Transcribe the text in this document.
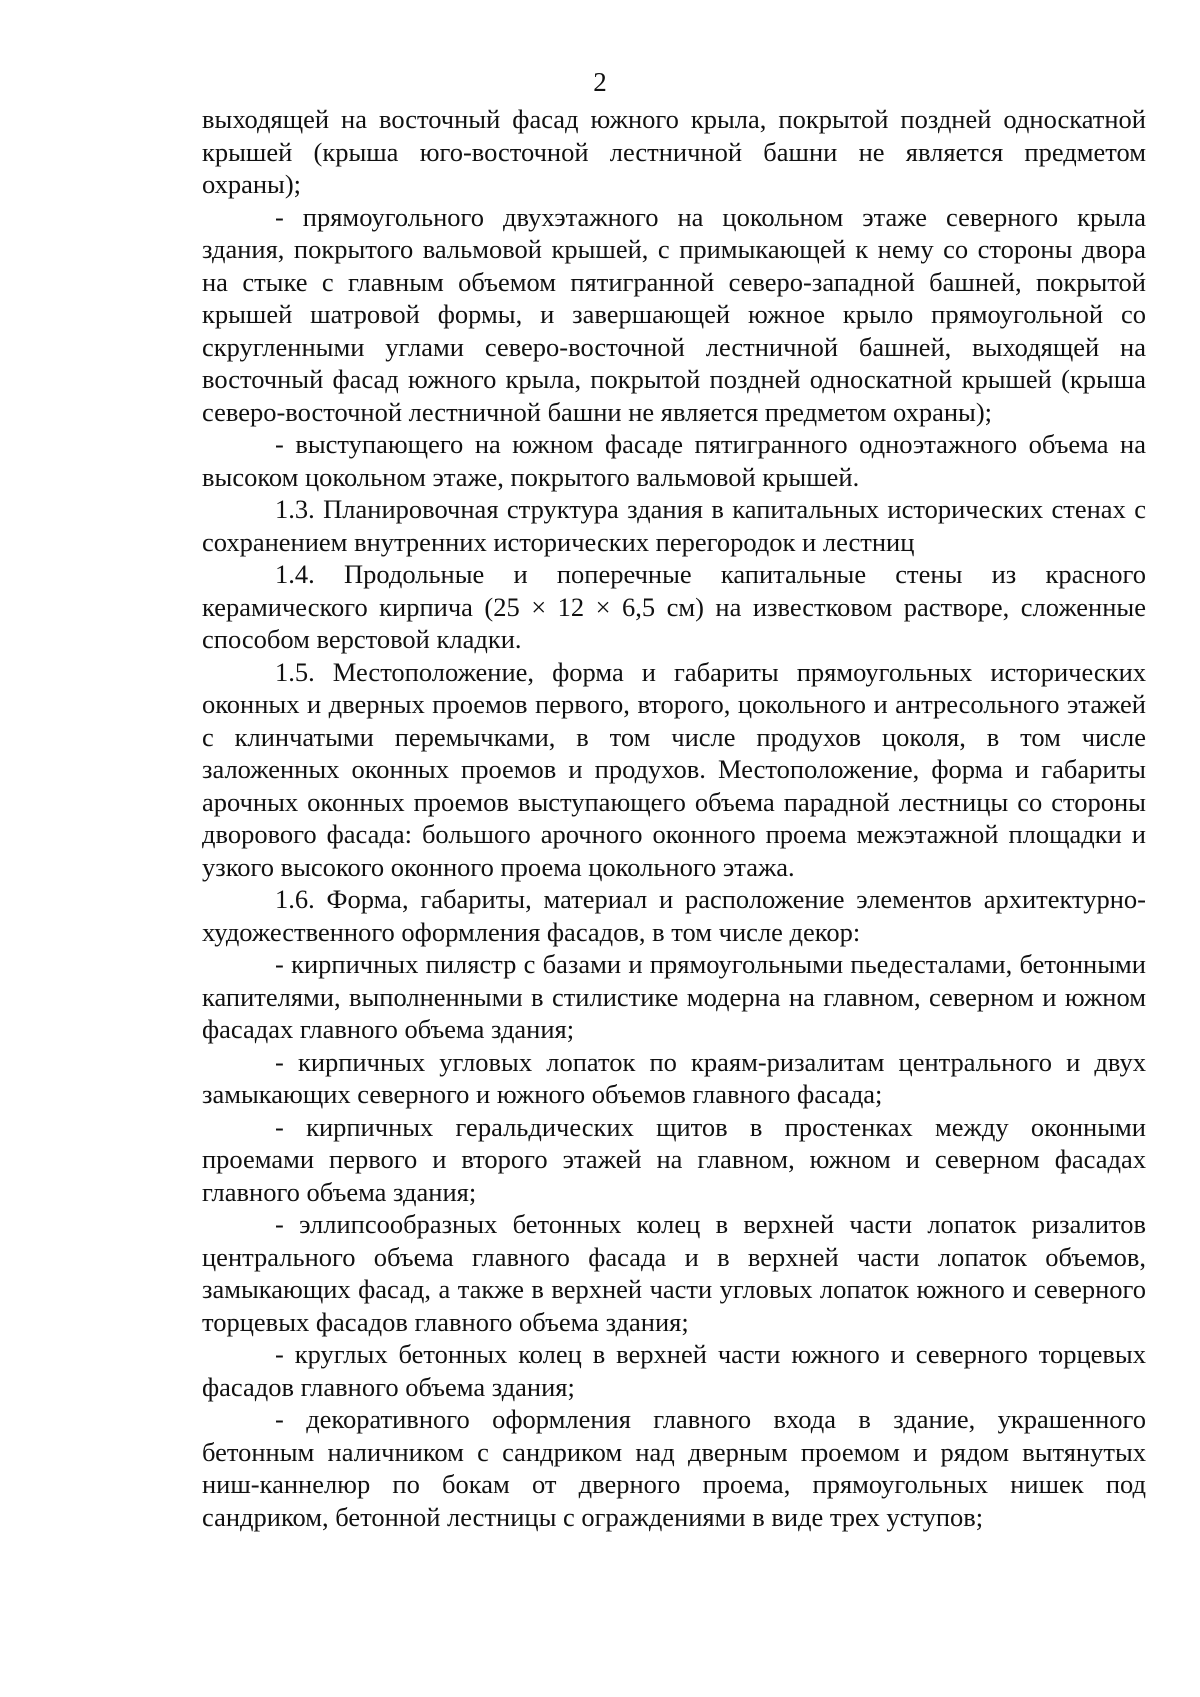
2

выходящей на восточный фасад южного крыла, покрытой поздней односкатной крышей (крыша юго-восточной лестничной башни не является предметом охраны);

- прямоугольного двухэтажного на цокольном этаже северного крыла здания, покрытого вальмовой крышей, с примыкающей к нему со стороны двора на стыке с главным объемом пятигранной северо-западной башней, покрытой крышей шатровой формы, и завершающей южное крыло прямоугольной со скругленными углами северо-восточной лестничной башней, выходящей на восточный фасад южного крыла, покрытой поздней односкатной крышей (крыша северо-восточной лестничной башни не является предметом охраны);

- выступающего на южном фасаде пятигранного одноэтажного объема на высоком цокольном этаже, покрытого вальмовой крышей.

1.3. Планировочная структура здания в капитальных исторических стенах с сохранением внутренних исторических перегородок и лестниц

1.4. Продольные и поперечные капитальные стены из красного керамического кирпича (25 × 12 × 6,5 см) на известковом растворе, сложенные способом верстовой кладки.

1.5. Местоположение, форма и габариты прямоугольных исторических оконных и дверных проемов первого, второго, цокольного и антресольного этажей с клинчатыми перемычками, в том числе продухов цоколя, в том числе заложенных оконных проемов и продухов. Местоположение, форма и габариты арочных оконных проемов выступающего объема парадной лестницы со стороны дворового фасада: большого арочного оконного проема межэтажной площадки и узкого высокого оконного проема цокольного этажа.

1.6. Форма, габариты, материал и расположение элементов архитектурно-художественного оформления фасадов, в том числе декор:

- кирпичных пилястр с базами и прямоугольными пьедесталами, бетонными капителями, выполненными в стилистике модерна на главном, северном и южном фасадах главного объема здания;

- кирпичных угловых лопаток по краям-ризалитам центрального и двух замыкающих северного и южного объемов главного фасада;

- кирпичных геральдических щитов в простенках между оконными проемами первого и второго этажей на главном, южном и северном фасадах главного объема здания;

- эллипсообразных бетонных колец в верхней части лопаток ризалитов центрального объема главного фасада и в верхней части лопаток объемов, замыкающих фасад, а также в верхней части угловых лопаток южного и северного торцевых фасадов главного объема здания;

- круглых бетонных колец в верхней части южного и северного торцевых фасадов главного объема здания;

- декоративного оформления главного входа в здание, украшенного бетонным наличником с сандриком над дверным проемом и рядом вытянутых ниш-каннелюр по бокам от дверного проема, прямоугольных нишек под сандриком, бетонной лестницы с ограждениями в виде трех уступов;
